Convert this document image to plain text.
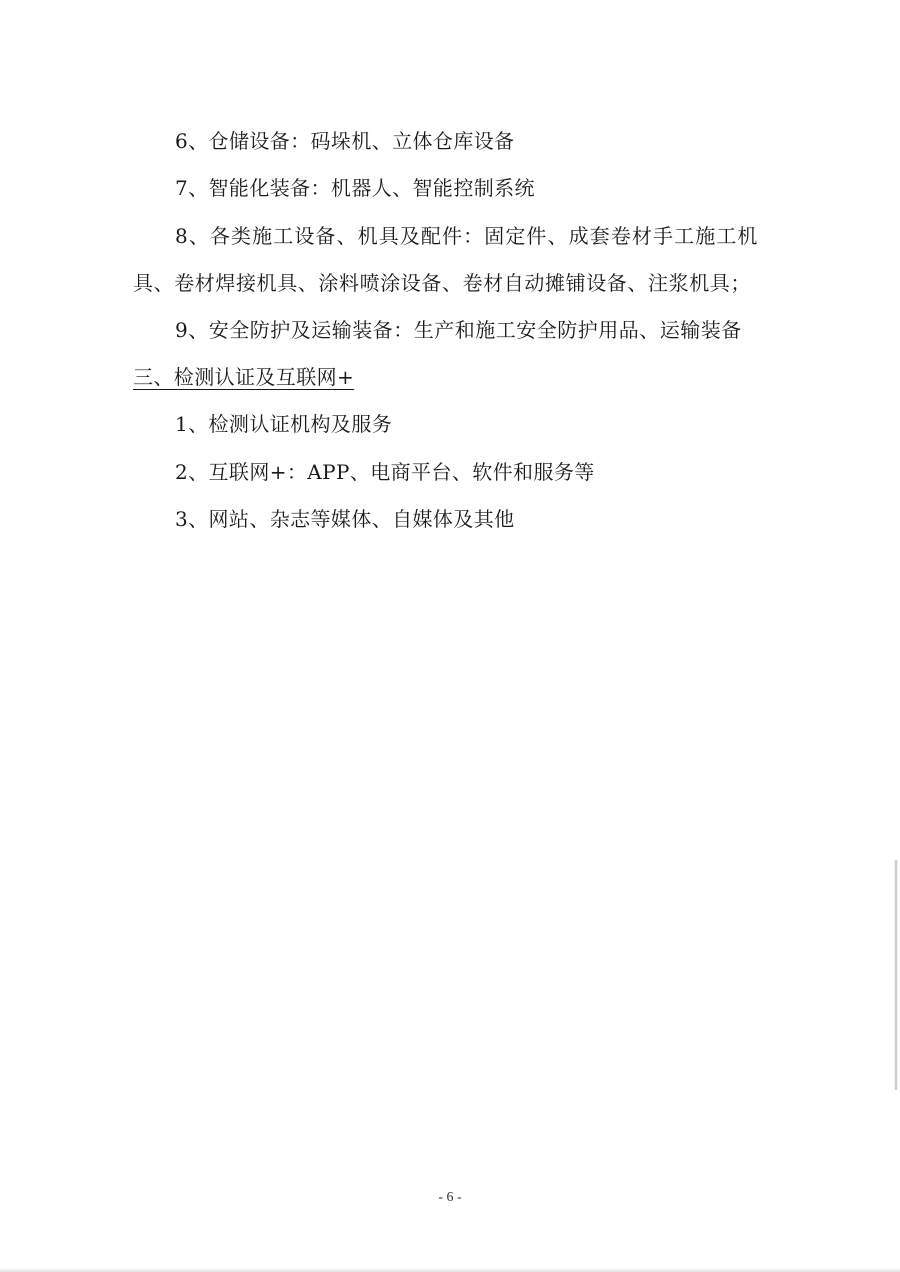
6、仓储设备：码垛机、立体仓库设备
7、智能化装备：机器人、智能控制系统
8、各类施工设备、机具及配件：固定件、成套卷材手工施工机
具、卷材焊接机具、涂料喷涂设备、卷材自动摊铺设备、注浆机具；
9、安全防护及运输装备：生产和施工安全防护用品、运输装备
三、检测认证及互联网+
1、检测认证机构及服务
2、互联网+：APP、电商平台、软件和服务等
3、网站、杂志等媒体、自媒体及其他
- 6 -
